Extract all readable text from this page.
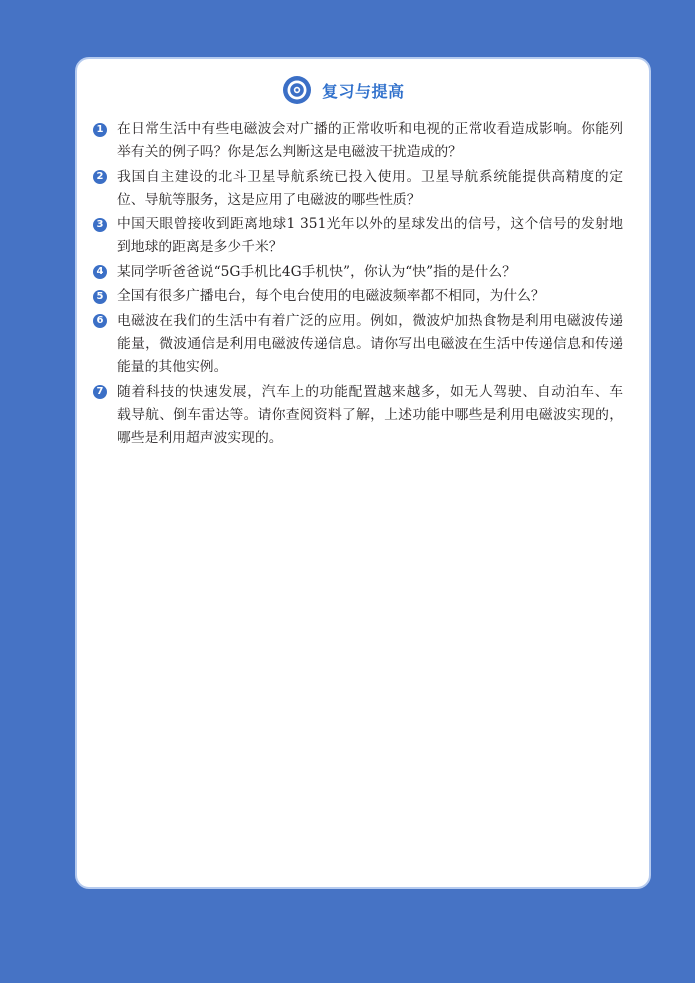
复习与提高
1 在日常生活中有些电磁波会对广播的正常收听和电视的正常收看造成影响。你能列
举有关的例子吗？你是怎么判断这是电磁波干扰造成的？
2 我国自主建设的北斗卫星导航系统已投入使用。卫星导航系统能提供高精度的定
位、导航等服务，这是应用了电磁波的哪些性质？
3 中国天眼曾接收到距离地球1 351光年以外的星球发出的信号，这个信号的发射地
到地球的距离是多少千米？
4 某同学听爸爸说“5G手机比4G手机快”，你认为“快”指的是什么？
5 全国有很多广播电台，每个电台使用的电磁波频率都不相同，为什么？
6 电磁波在我们的生活中有着广泛的应用。例如，微波炉加热食物是利用电磁波传递
能量，微波通信是利用电磁波传递信息。请你写出电磁波在生活中传递信息和传递
能量的其他实例。
7 随着科技的快速发展，汽车上的功能配置越来越多，如无人驾驶、自动泊车、车
载导航、倒车雷达等。请你查阅资料了解，上述功能中哪些是利用电磁波实现的，
哪些是利用超声波实现的。
